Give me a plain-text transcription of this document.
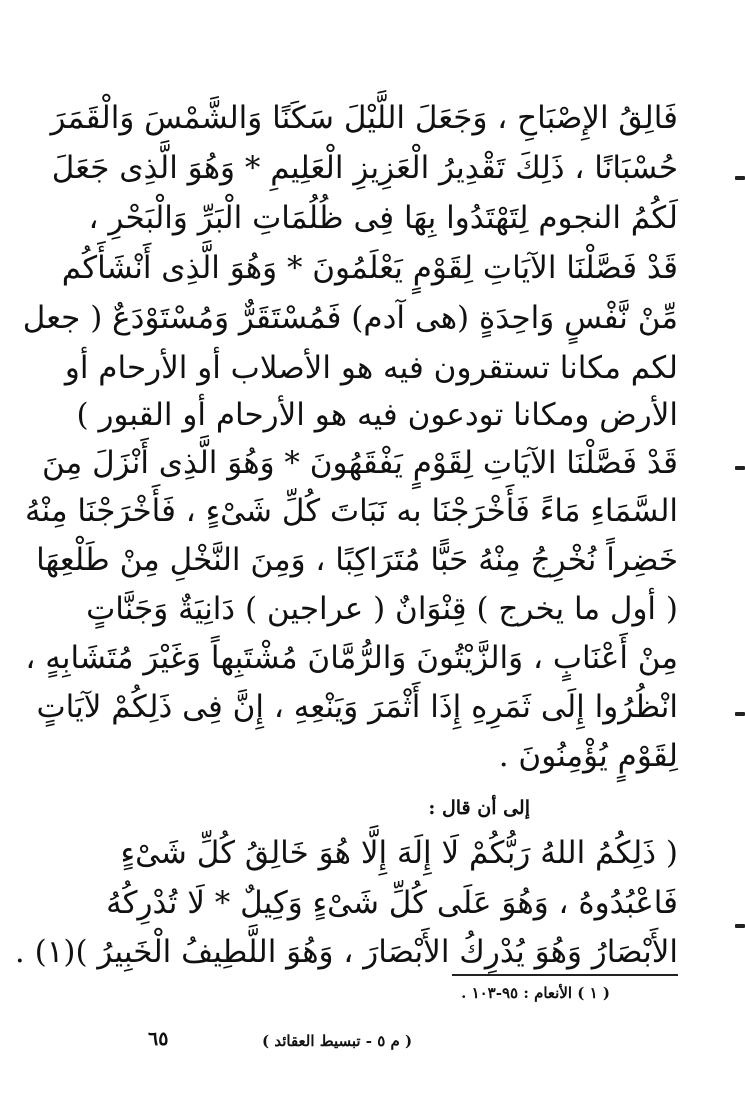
فَالِقُ الإِصْبَاحِ ، وَجَعَلَ اللَّيْلَ سَكَنًا وَالشَّمْسَ وَالْقَمَرَ
حُسْبَانًا ، ذَلِكَ تَقْدِيرُ الْعَزِيزِ الْعَلِيمِ * وَهُوَ الَّذِى جَعَلَ
لَكُمُ النجوم لِتَهْتَدُوا بِهَا فِى ظُلُمَاتِ الْبَرِّ وَالْبَحْرِ ،
قَدْ فَصَّلْنَا الآيَاتِ لِقَوْمٍ يَعْلَمُونَ * وَهُوَ الَّذِى أَنْشَأَكُم
مِّنْ نَّفْسٍ وَاحِدَةٍ (هى آدم) فَمُسْتَقَرٌّ وَمُسْتَوْدَعٌ ( جعل
لكم مكانا تستقرون فيه هو الأصلاب أو الأرحام أو
الأرض ومكانا تودعون فيه هو الأرحام أو القبور )
قَدْ فَصَّلْنَا الآيَاتِ لِقَوْمٍ يَفْقَهُونَ * وَهُوَ الَّذِى أَنْزَلَ مِنَ
السَّمَاءِ مَاءً فَأَخْرَجْنَا به نَبَاتَ كُلِّ شَىْءٍ ، فَأَخْرَجْنَا مِنْهُ
خَضِراً نُخْرِجُ مِنْهُ حَبًّا مُتَرَاكِبًا ، وَمِنَ النَّخْلِ مِنْ طَلْعِهَا
( أول ما يخرج ) قِنْوَانٌ ( عراجين ) دَانِيَةٌ وَجَنَّاتٍ
مِنْ أَعْنَابٍ ، وَالزَّيْتُونَ وَالرُّمَّانَ مُشْتَبِهاً وَغَيْرَ مُتَشَابِهٍ ،
انْظُرُوا إِلَى ثَمَرِهِ إِذَا أَثْمَرَ وَيَنْعِهِ ، إِنَّ فِى ذَلِكُمْ لآيَاتٍ
لِقَوْمٍ يُؤْمِنُونَ .
إلى أن قال :
( ذَلِكُمُ اللهُ رَبُّكُمْ لَا إِلَهَ إِلَّا هُوَ خَالِقُ كُلِّ شَىْءٍ
فَاعْبُدُوهُ ، وَهُوَ عَلَى كُلِّ شَىْءٍ وَكِيلٌ * لَا تُدْرِكُهُ
الأَبْصَارُ وَهُوَ يُدْرِكُ الأَبْصَارَ ، وَهُوَ اللَّطِيفُ الْخَبِيرُ )(١) .
( ١ ) الأنعام : ٩٥-١٠٣ .
( م ٥ - تبسيط العقائد )
٦٥
